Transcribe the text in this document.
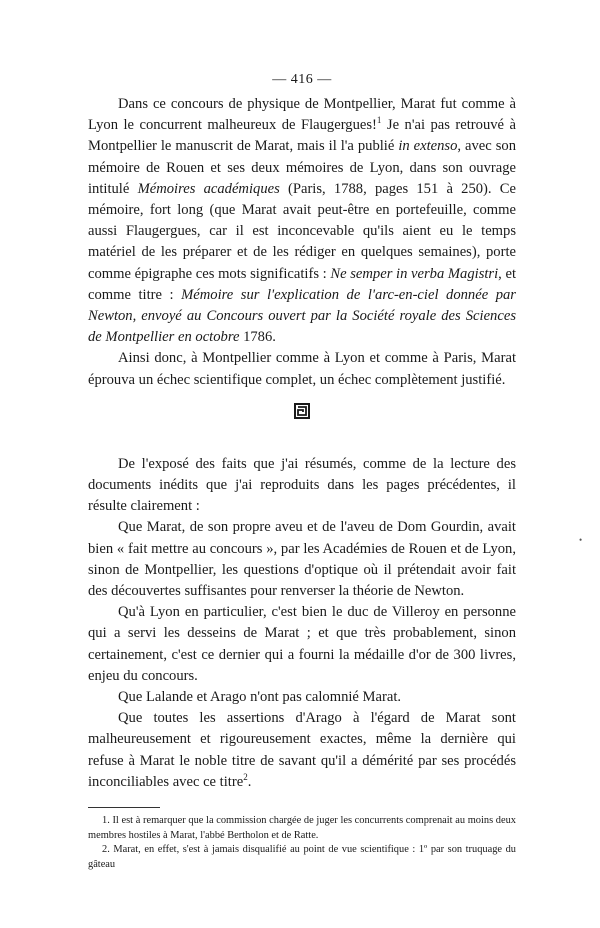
— 416 —

Dans ce concours de physique de Montpellier, Marat fut comme à Lyon le concurrent malheureux de Flaugergues!$^1$ Je n'ai pas retrouvé à Montpellier le manuscrit de Marat, mais il l'a publié in extenso, avec son mémoire de Rouen et ses deux mémoires de Lyon, dans son ouvrage intitulé Mémoires académiques (Paris, 1788, pages 151 à 250). Ce mémoire, fort long (que Marat avait peut-être en portefeuille, comme aussi Flaugergues, car il est inconcevable qu'ils aient eu le temps matériel de les préparer et de les rédiger en quelques semaines), porte comme épigraphe ces mots significatifs : Ne semper in verba Magistri, et comme titre : Mémoire sur l'explication de l'arc-en-ciel donnée par Newton, envoyé au Concours ouvert par la Société royale des Sciences de Montpellier en octobre 1786.

Ainsi donc, à Montpellier comme à Lyon et comme à Paris, Marat éprouva un échec scientifique complet, un échec complètement justifié.

De l'exposé des faits que j'ai résumés, comme de la lecture des documents inédits que j'ai reproduits dans les pages précédentes, il résulte clairement :

Que Marat, de son propre aveu et de l'aveu de Dom Gourdin, avait bien « fait mettre au concours », par les Académies de Rouen et de Lyon, sinon de Montpellier, les questions d'optique où il prétendait avoir fait des découvertes suffisantes pour renverser la théorie de Newton.

Qu'à Lyon en particulier, c'est bien le duc de Villeroy en personne qui a servi les desseins de Marat ; et que très probablement, sinon certainement, c'est ce dernier qui a fourni la médaille d'or de 300 livres, enjeu du concours.

Que Lalande et Arago n'ont pas calomnié Marat.

Que toutes les assertions d'Arago à l'égard de Marat sont malheureusement et rigoureusement exactes, même la dernière qui refuse à Marat le noble titre de savant qu'il a démérité par ses procédés inconciliables avec ce titre$^2$.

1. Il est à remarquer que la commission chargée de juger les concurrents comprenait au moins deux membres hostiles à Marat, l'abbé Bertholon et de Ratte.

2. Marat, en effet, s'est à jamais disqualifié au point de vue scientifique : 1º par son truquage du gâteau

•
